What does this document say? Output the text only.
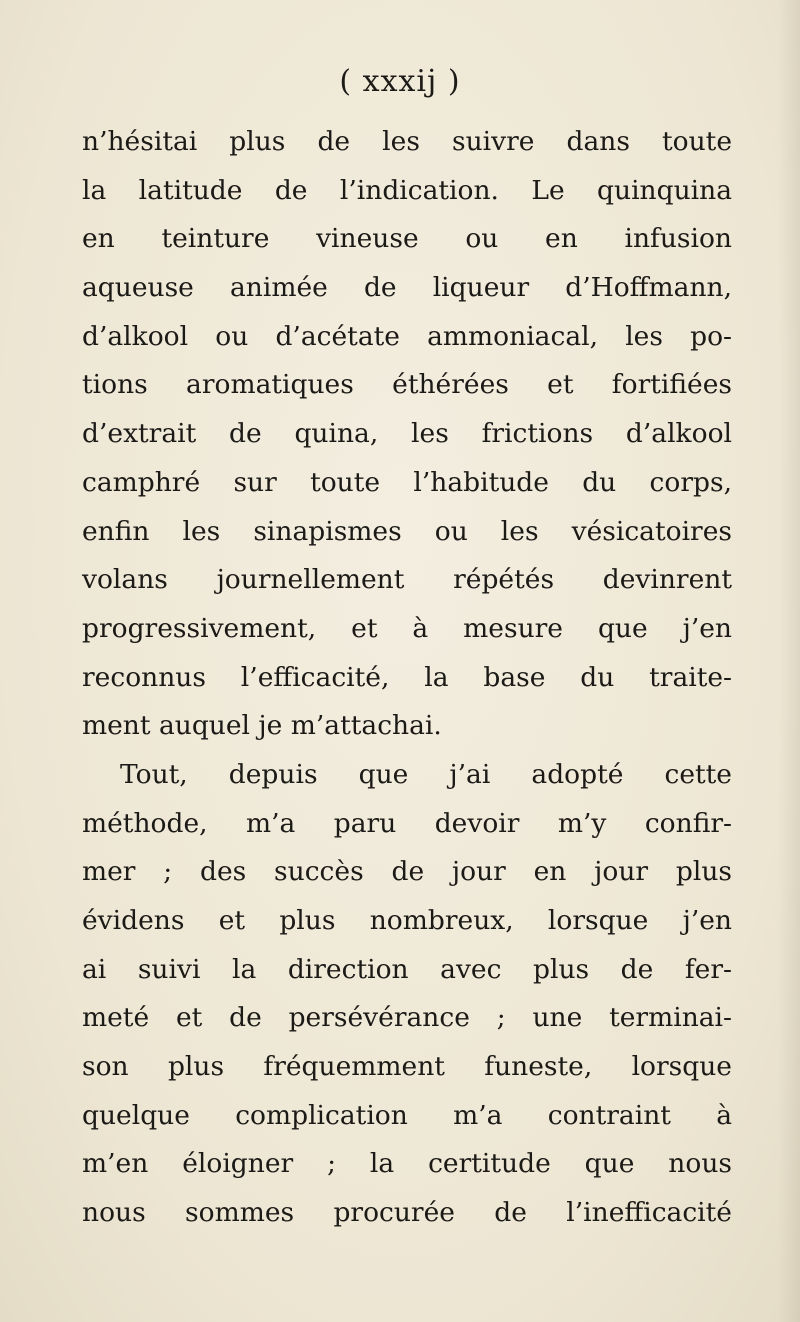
( xxxij )
n’hésitai plus de les suivre dans toute
la latitude de l’indication. Le quinquina
en teinture vineuse ou en infusion
aqueuse animée de liqueur d’Hoffmann,
d’alkool ou d’acétate ammoniacal, les po-
tions aromatiques éthérées et fortifiées
d’extrait de quina, les frictions d’alkool
camphré sur toute l’habitude du corps,
enfin les sinapismes ou les vésicatoires
volans journellement répétés devinrent
progressivement, et à mesure que j’en
reconnus l’efficacité, la base du traite-
ment auquel je m’attachai.
Tout, depuis que j’ai adopté cette
méthode, m’a paru devoir m’y confir-
mer ; des succès de jour en jour plus
évidens et plus nombreux, lorsque j’en
ai suivi la direction avec plus de fer-
meté et de persévérance ; une terminai-
son plus fréquemment funeste, lorsque
quelque complication m’a contraint à
m’en éloigner ; la certitude que nous
nous sommes procurée de l’inefficacité
